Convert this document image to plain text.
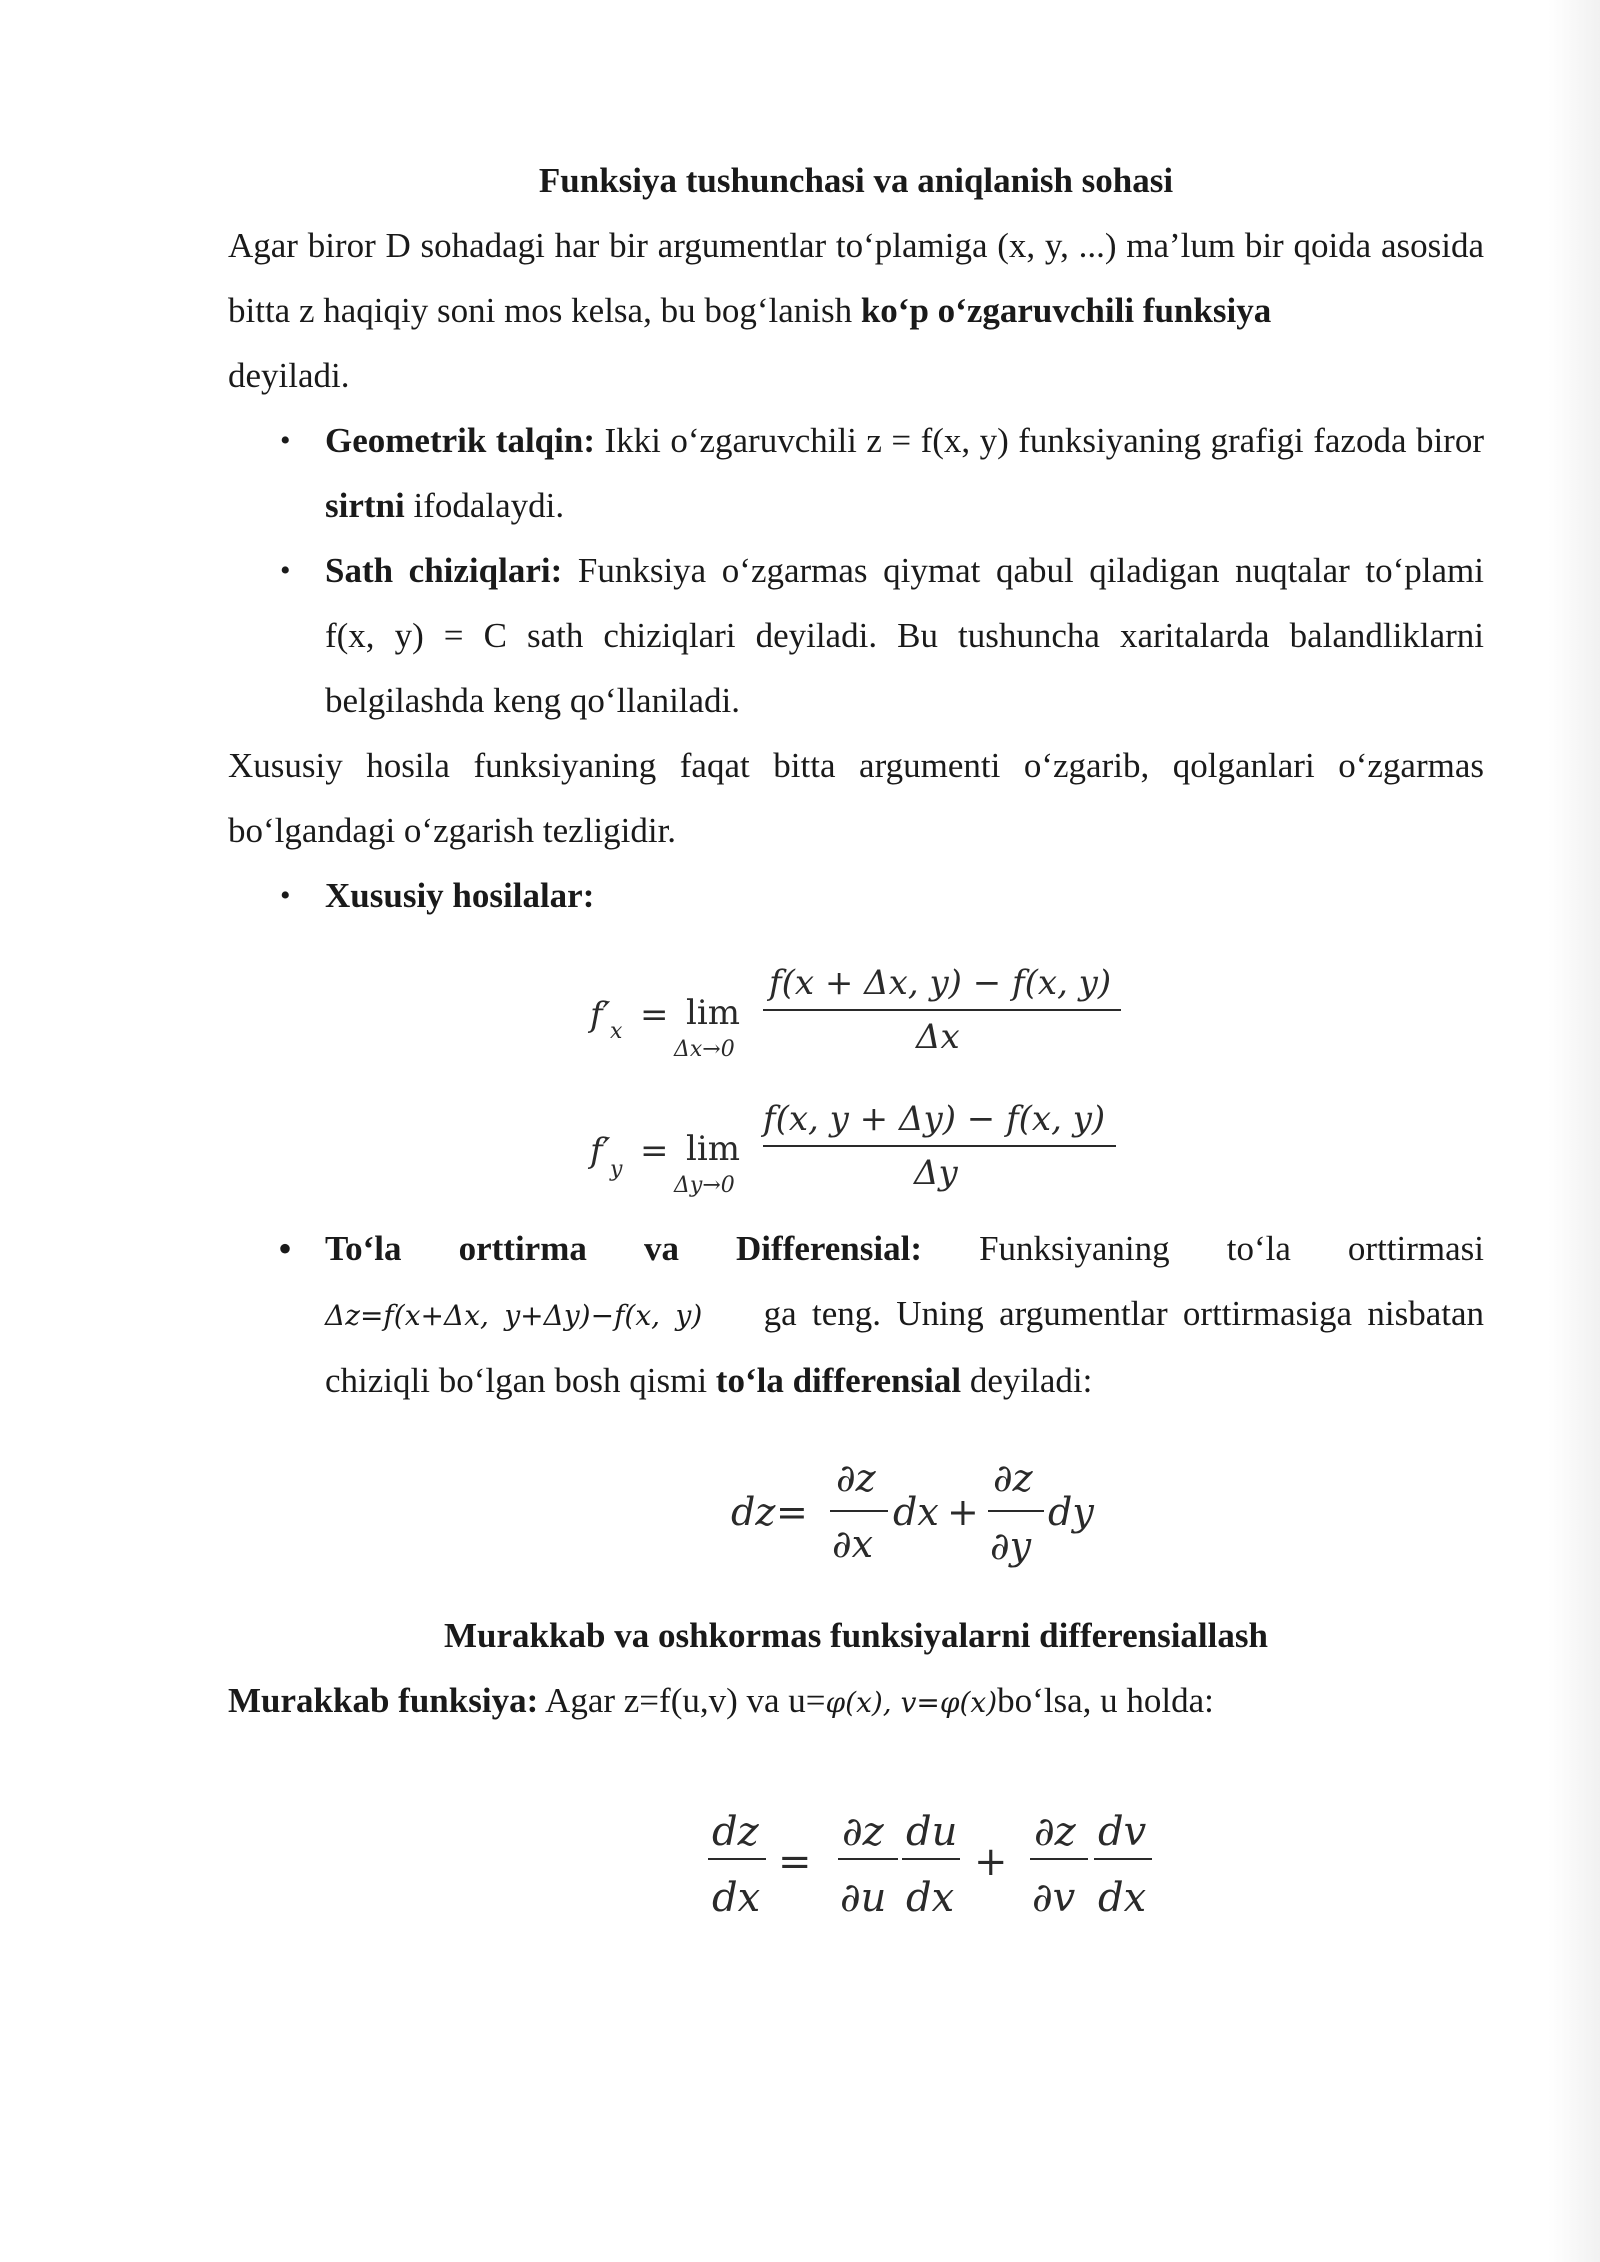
Funksiya tushunchasi va aniqlanish sohasi

Agar biror D sohadagi har bir argumentlar to‘plamiga (x, y, ...) ma’lum bir qoida asosida bitta z haqiqiy soni mos kelsa, bu bog‘lanish ko‘p o‘zgaruvchili funksiya
deyiladi.

• Geometrik talqin: Ikki o‘zgaruvchili z = f(x, y) funksiyaning grafigi fazoda biror sirtni ifodalaydi.
• Sath chiziqlari: Funksiya o‘zgarmas qiymat qabul qiladigan nuqtalar to‘plami f(x, y) = C sath chiziqlari deyiladi. Bu tushuncha xaritalarda balandliklarni belgilashda keng qo‘llaniladi.

Xususiy hosila funksiyaning faqat bitta argumenti o‘zgarib, qolganlari o‘zgarmas bo‘lgandagi o‘zgarish tezligidir.

• Xususiy hosilalar:
f′ x = lim
Δx→0
f(x + Δx, y) − f(x, y)
Δx
f′ y = lim
Δy→0
f(x, y + Δy) − f(x, y)
Δy
• To‘la orttirma va Differensial: Funksiyaning to‘la orttirmasi
Δz=f(x+Δx, y+Δy)−f(x, y) ga teng. Uning argumentlar orttirmasiga nisbatan chiziqli bo‘lgan bosh qismi to‘la differensial deyiladi:
dz =
∂z
∂x
dx +
∂z
∂y
dy
Murakkab va oshkormas funksiyalarni differensiallash

Murakkab funksiya: Agar z=f(u,v) va u=φ(x), v=φ(x)bo‘lsa, u holda:

dz
dx
=
∂z
∂u
du
dx
+
∂z
∂v
dv
dx
